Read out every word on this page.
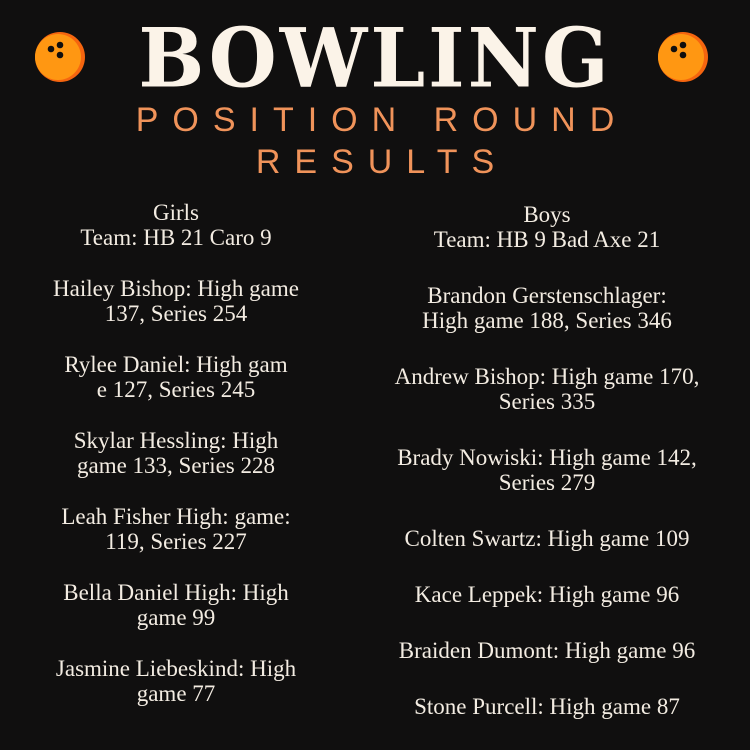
BOWLING
POSITION ROUND
RESULTS
Girls
Team: HB 21 Caro 9
Hailey Bishop: High game
137, Series 254
Rylee Daniel: High gam
e 127, Series 245
Skylar Hessling: High
game 133, Series 228
Leah Fisher High: game:
119, Series 227
Bella Daniel High: High
game 99
Jasmine Liebeskind: High
game 77
Boys
Team: HB 9 Bad Axe 21
Brandon Gerstenschlager:
High game 188, Series 346
Andrew Bishop: High game 170,
Series 335
Brady Nowiski: High game 142,
Series 279
Colten Swartz: High game 109
Kace Leppek: High game 96
Braiden Dumont: High game 96
Stone Purcell: High game 87
